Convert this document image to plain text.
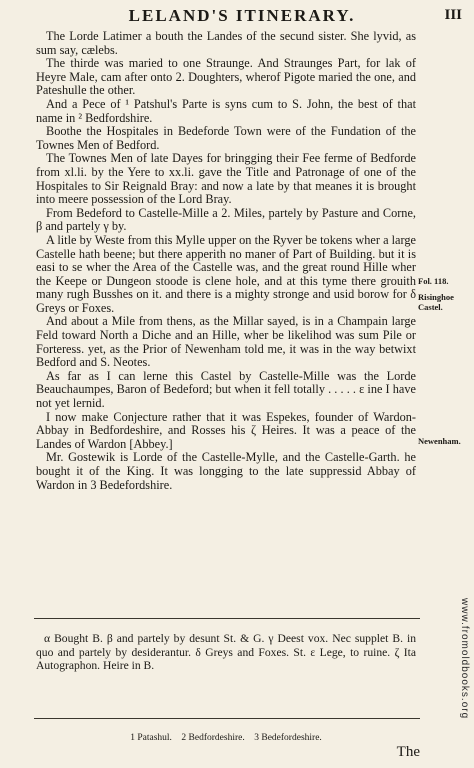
LELAND'S ITINERARY.	III

The Lorde Latimer a bouth the Landes of the secund sister. She lyvid, as sum say, cælebs.

The thirde was maried to one Straunge. And Straunges Part, for lak of Heyre Male, cam after onto 2. Doughters, wherof Pigote maried the one, and Pateshulle the other.

And a Pece of ¹ Patshul's Parte is syns cum to S. John, the best of that name in ² Bedfordshire.

Boothe the Hospitales in Bedeforde Town were of the Fundation of the Townes Men of Bedford.

The Townes Men of late Dayes for bringging their Fee ferme of Bedforde from xl.li. by the Yere to xx.li. gave the Title and Patronage of one of the Hospitales to Sir Reignald Bray: and now a late by that meanes it is brought into meere possession of the Lord Bray.

From Bedeford to Castelle-Mille a 2. Miles, partely by Pasture and Corne, β and partely γ by.

A litle by Weste from this Mylle upper on the Ryver be tokens wher a large Castelle hath beene; but there apperith no maner of Part of Building. but it is easi to se wher the Area of the Castelle was, and the great round Hille wher the Keepe or Dungeon stoode is clene hole, and at this tyme there grouith many rugh Busshes on it. and there is a mighty stronge and usid borow for δ Greys or Foxes.

And about a Mile from thens, as the Millar sayed, is in a Champain large Feld toward North a Diche and an Hille, wher be likelihod was sum Pile or Forteress. yet, as the Prior of Newenham told me, it was in the way betwixt Bedford and S. Neotes.

As far as I can lerne this Castel by Castelle-Mille was the Lorde Beauchaumpes, Baron of Bedeford; but when it fell totally . . . . . ε ine I have not yet lernid.

I now make Conjecture rather that it was Espekes, founder of Wardon-Abbay in Bedfordeshire, and Rosses his ζ Heires. It was a peace of the Landes of Wardon [Abbey.]

Mr. Gostewik is Lorde of the Castelle-Mylle, and the Castelle-Garth. he bought it of the King. It was longging to the late suppressid Abbay of Wardon in 3 Bedefordshire.

Fol. 118.
Risinghoe Castel.
Newenham.

α Bought B. β and partely by desunt St. & G. γ Deest vox. Nec supplet B. in quo and partely by desiderantur. δ Greys and Foxes. St. ε Lege, to ruine. ζ Ita Autographon. Heire in B.

1 Patashul. 2 Bedfordeshire. 3 Bedefordeshire.
The
www.fromoldbooks.org
